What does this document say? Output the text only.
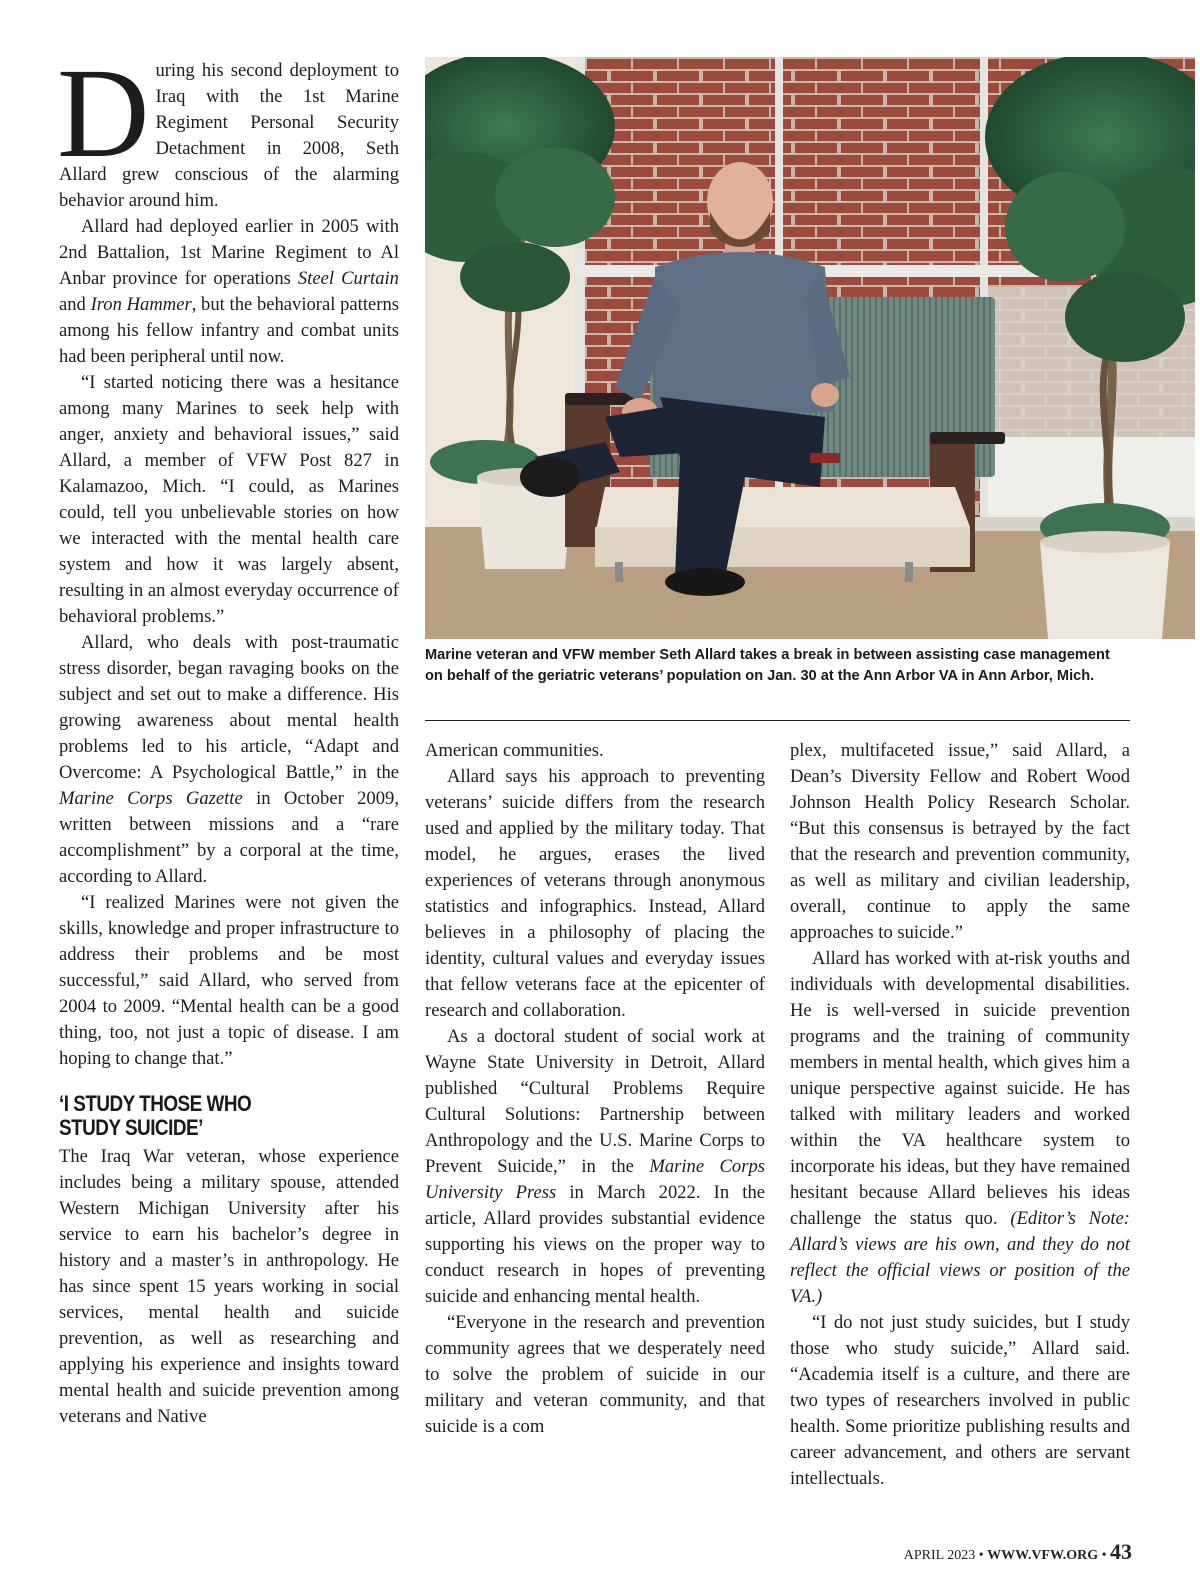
D uring his second deployment to Iraq with the 1st Marine Regiment Personal Security Detachment in 2008, Seth Allard grew conscious of the alarming behavior around him.

Allard had deployed earlier in 2005 with 2nd Battalion, 1st Marine Regiment to Al Anbar province for operations Steel Curtain and Iron Hammer, but the behavioral patterns among his fellow infantry and combat units had been peripheral until now.

“I started noticing there was a hesitance among many Marines to seek help with anger, anxiety and behavioral issues,” said Allard, a member of VFW Post 827 in Kalamazoo, Mich. “I could, as Marines could, tell you unbelievable stories on how we interacted with the mental health care system and how it was largely absent, resulting in an almost everyday occurrence of behavioral problems.”

Allard, who deals with post-traumatic stress disorder, began ravaging books on the subject and set out to make a difference. His growing awareness about mental health problems led to his article, “Adapt and Overcome: A Psychological Battle,” in the Marine Corps Gazette in October 2009, written between missions and a “rare accomplishment” by a corporal at the time, according to Allard.

“I realized Marines were not given the skills, knowledge and proper infrastructure to address their problems and be most successful,” said Allard, who served from 2004 to 2009. “Mental health can be a good thing, too, not just a topic of disease. I am hoping to change that.”

‘I STUDY THOSE WHO
STUDY SUICIDE’

The Iraq War veteran, whose experience includes being a military spouse, attended Western Michigan University after his service to earn his bachelor’s degree in history and a master’s in anthropology. He has since spent 15 years working in social services, mental health and suicide prevention, as well as researching and applying his experience and insights toward mental health and suicide prevention among veterans and Native

Marine veteran and VFW member Seth Allard takes a break in between assisting case management on behalf of the geriatric veterans’ population on Jan. 30 at the Ann Arbor VA in Ann Arbor, Mich.

American communities.

Allard says his approach to preventing veterans’ suicide differs from the research used and applied by the military today. That model, he argues, erases the lived experiences of veterans through anonymous statistics and infographics. Instead, Allard believes in a philosophy of placing the identity, cultural values and everyday issues that fellow veterans face at the epicenter of research and collaboration.

As a doctoral student of social work at Wayne State University in Detroit, Allard published “Cultural Problems Require Cultural Solutions: Partnership between Anthropology and the U.S. Marine Corps to Prevent Suicide,” in the Marine Corps University Press in March 2022. In the article, Allard provides substantial evidence supporting his views on the proper way to conduct research in hopes of preventing suicide and enhancing mental health.

“Everyone in the research and prevention community agrees that we desperately need to solve the problem of suicide in our military and veteran community, and that suicide is a com

plex, multifaceted issue,” said Allard, a Dean’s Diversity Fellow and Robert Wood Johnson Health Policy Research Scholar. “But this consensus is betrayed by the fact that the research and prevention community, as well as military and civilian leadership, overall, continue to apply the same approaches to suicide.”

Allard has worked with at-risk youths and individuals with developmental disabilities. He is well-versed in suicide prevention programs and the training of community members in mental health, which gives him a unique perspective against suicide. He has talked with military leaders and worked within the VA healthcare system to incorporate his ideas, but they have remained hesitant because Allard believes his ideas challenge the status quo. (Editor’s Note: Allard’s views are his own, and they do not reflect the official views or position of the VA.)

“I do not just study suicides, but I study those who study suicide,” Allard said. “Academia itself is a culture, and there are two types of researchers involved in public health. Some prioritize publishing results and career advancement, and others are servant intellectuals.

APRIL 2023 • WWW.VFW.ORG • 43
